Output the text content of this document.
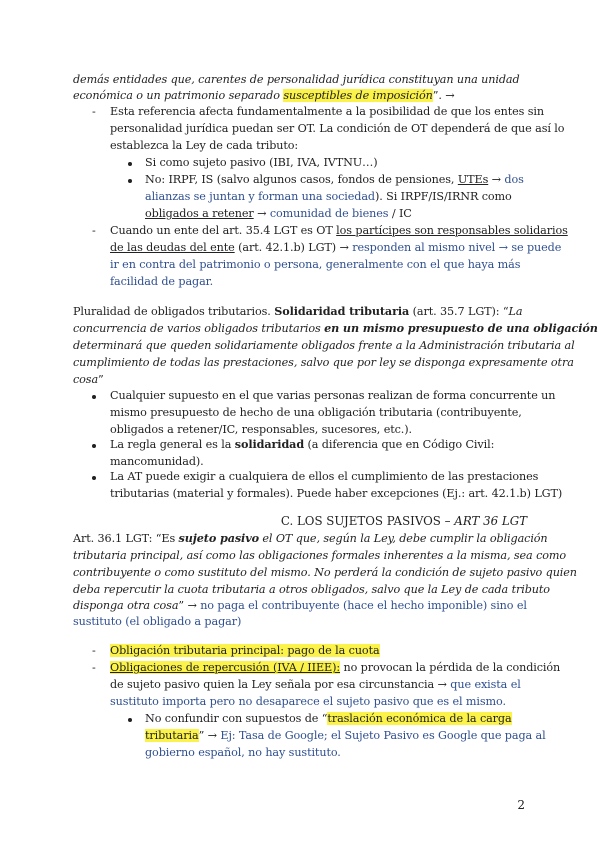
demás entidades que, carentes de personalidad jurídica constituyan una unidad
económica o un patrimonio separado susceptibles de imposición”. →
- Esta referencia afecta fundamentalmente a la posibilidad de que los entes sin
personalidad jurídica puedan ser OT. La condición de OT dependerá de que así lo
establezca la Ley de cada tributo:
Si como sujeto pasivo (IBI, IVA, IVTNU…)
No: IRPF, IS (salvo algunos casos, fondos de pensiones, UTEs → dos
alianzas se juntan y forman una sociedad). Si IRPF/IS/IRNR como
obligados a retener → comunidad de bienes / IC
- Cuando un ente del art. 35.4 LGT es OT los partícipes son responsables solidarios
de las deudas del ente (art. 42.1.b) LGT) → responden al mismo nivel → se puede
ir en contra del patrimonio o persona, generalmente con el que haya más
facilidad de pagar.
Pluralidad de obligados tributarios. Solidaridad tributaria (art. 35.7 LGT): “La
concurrencia de varios obligados tributarios en un mismo presupuesto de una obligación
determinará que queden solidariamente obligados frente a la Administración tributaria al
cumplimiento de todas las prestaciones, salvo que por ley se disponga expresamente otra
cosa”
Cualquier supuesto en el que varias personas realizan de forma concurrente un
mismo presupuesto de hecho de una obligación tributaria (contribuyente,
obligados a retener/IC, responsables, sucesores, etc.).
La regla general es la solidaridad (a diferencia que en Código Civil:
mancomunidad).
La AT puede exigir a cualquiera de ellos el cumplimiento de las prestaciones
tributarias (material y formales). Puede haber excepciones (Ej.: art. 42.1.b) LGT)
C. LOS SUJETOS PASIVOS – ART 36 LGT
Art. 36.1 LGT: “Es sujeto pasivo el OT que, según la Ley, debe cumplir la obligación
tributaria principal, así como las obligaciones formales inherentes a la misma, sea como
contribuyente o como sustituto del mismo. No perderá la condición de sujeto pasivo quien
deba repercutir la cuota tributaria a otros obligados, salvo que la Ley de cada tributo
disponga otra cosa” → no paga el contribuyente (hace el hecho imponible) sino el
sustituto (el obligado a pagar)
- Obligación tributaria principal: pago de la cuota
- Obligaciones de repercusión (IVA / IIEE): no provocan la pérdida de la condición
de sujeto pasivo quien la Ley señala por esa circunstancia → que exista el
sustituto importa pero no desaparece el sujeto pasivo que es el mismo.
No confundir con supuestos de “traslación económica de la carga
tributaria” → Ej: Tasa de Google; el Sujeto Pasivo es Google que paga al
gobierno español, no hay sustituto.
2
